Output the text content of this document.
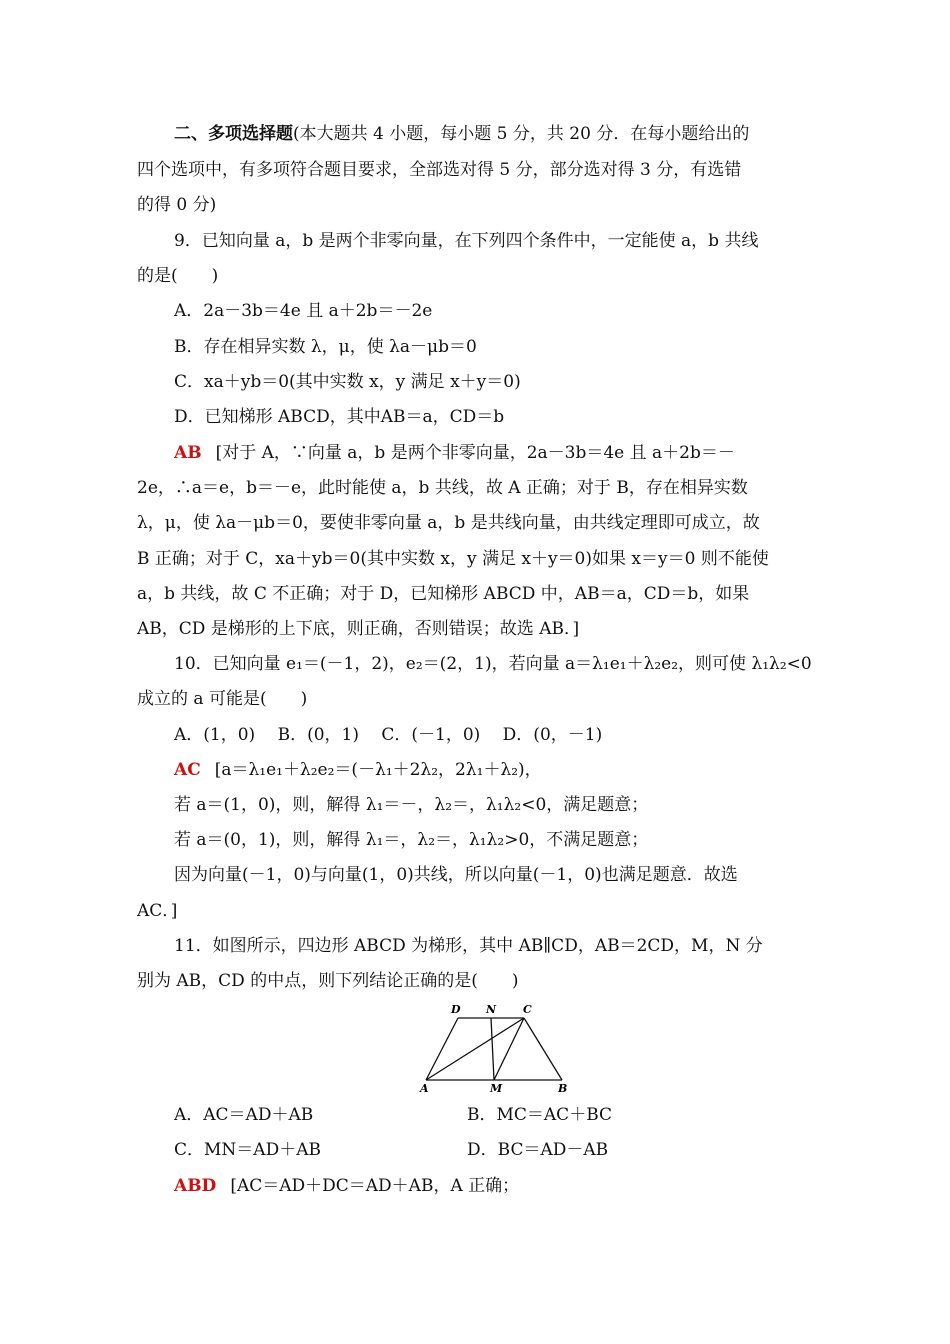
二、多项选择题(本大题共 4 小题，每小题 5 分，共 20 分．在每小题给出的
四个选项中，有多项符合题目要求，全部选对得 5 分，部分选对得 3 分，有选错
的得 0 分)
9．已知向量 a，b 是两个非零向量，在下列四个条件中，一定能使 a，b 共线
的是(　　)
A．2a－3b＝4e 且 a＋2b＝－2e
B．存在相异实数 λ，μ，使 λa－μb＝0
C．xa＋yb＝0(其中实数 x，y 满足 x＋y＝0)
D．已知梯形 ABCD，其中AB＝a，CD＝b
AB [对于 A，∵向量 a，b 是两个非零向量，2a－3b＝4e 且 a＋2b＝－
2e，∴a＝e，b＝－e，此时能使 a，b 共线，故 A 正确；对于 B，存在相异实数
λ，μ，使 λa－μb＝0，要使非零向量 a，b 是共线向量，由共线定理即可成立，故
B 正确；对于 C，xa＋yb＝0(其中实数 x，y 满足 x＋y＝0)如果 x＝y＝0 则不能使
a，b 共线，故 C 不正确；对于 D，已知梯形 ABCD 中，AB＝a，CD＝b，如果
AB，CD 是梯形的上下底，则正确，否则错误；故选 AB．]
10．已知向量 e₁＝(－1，2)，e₂＝(2，1)，若向量 a＝λ₁e₁＋λ₂e₂，则可使 λ₁λ₂<0
成立的 a 可能是(　　)
A．(1，0)　 B．(0，1)　 C．(－1，0)　 D．(0，－1)
AC [a＝λ₁e₁＋λ₂e₂＝(－λ₁＋2λ₂，2λ₁＋λ₂)，
若 a＝(1，0)，则，解得 λ₁＝－，λ₂＝，λ₁λ₂<0，满足题意；
若 a＝(0，1)，则，解得 λ₁＝，λ₂＝，λ₁λ₂>0，不满足题意；
因为向量(－1，0)与向量(1，0)共线，所以向量(－1，0)也满足题意．故选
AC．]
11．如图所示，四边形 ABCD 为梯形，其中 AB∥CD，AB＝2CD，M，N 分
别为 AB，CD 的中点，则下列结论正确的是(　　)
D N C
A	M	B
A．AC＝AD＋AB	B．MC＝AC＋BC
C．MN＝AD＋AB	D．BC＝AD－AB
ABD [AC＝AD＋DC＝AD＋AB，A 正确；
